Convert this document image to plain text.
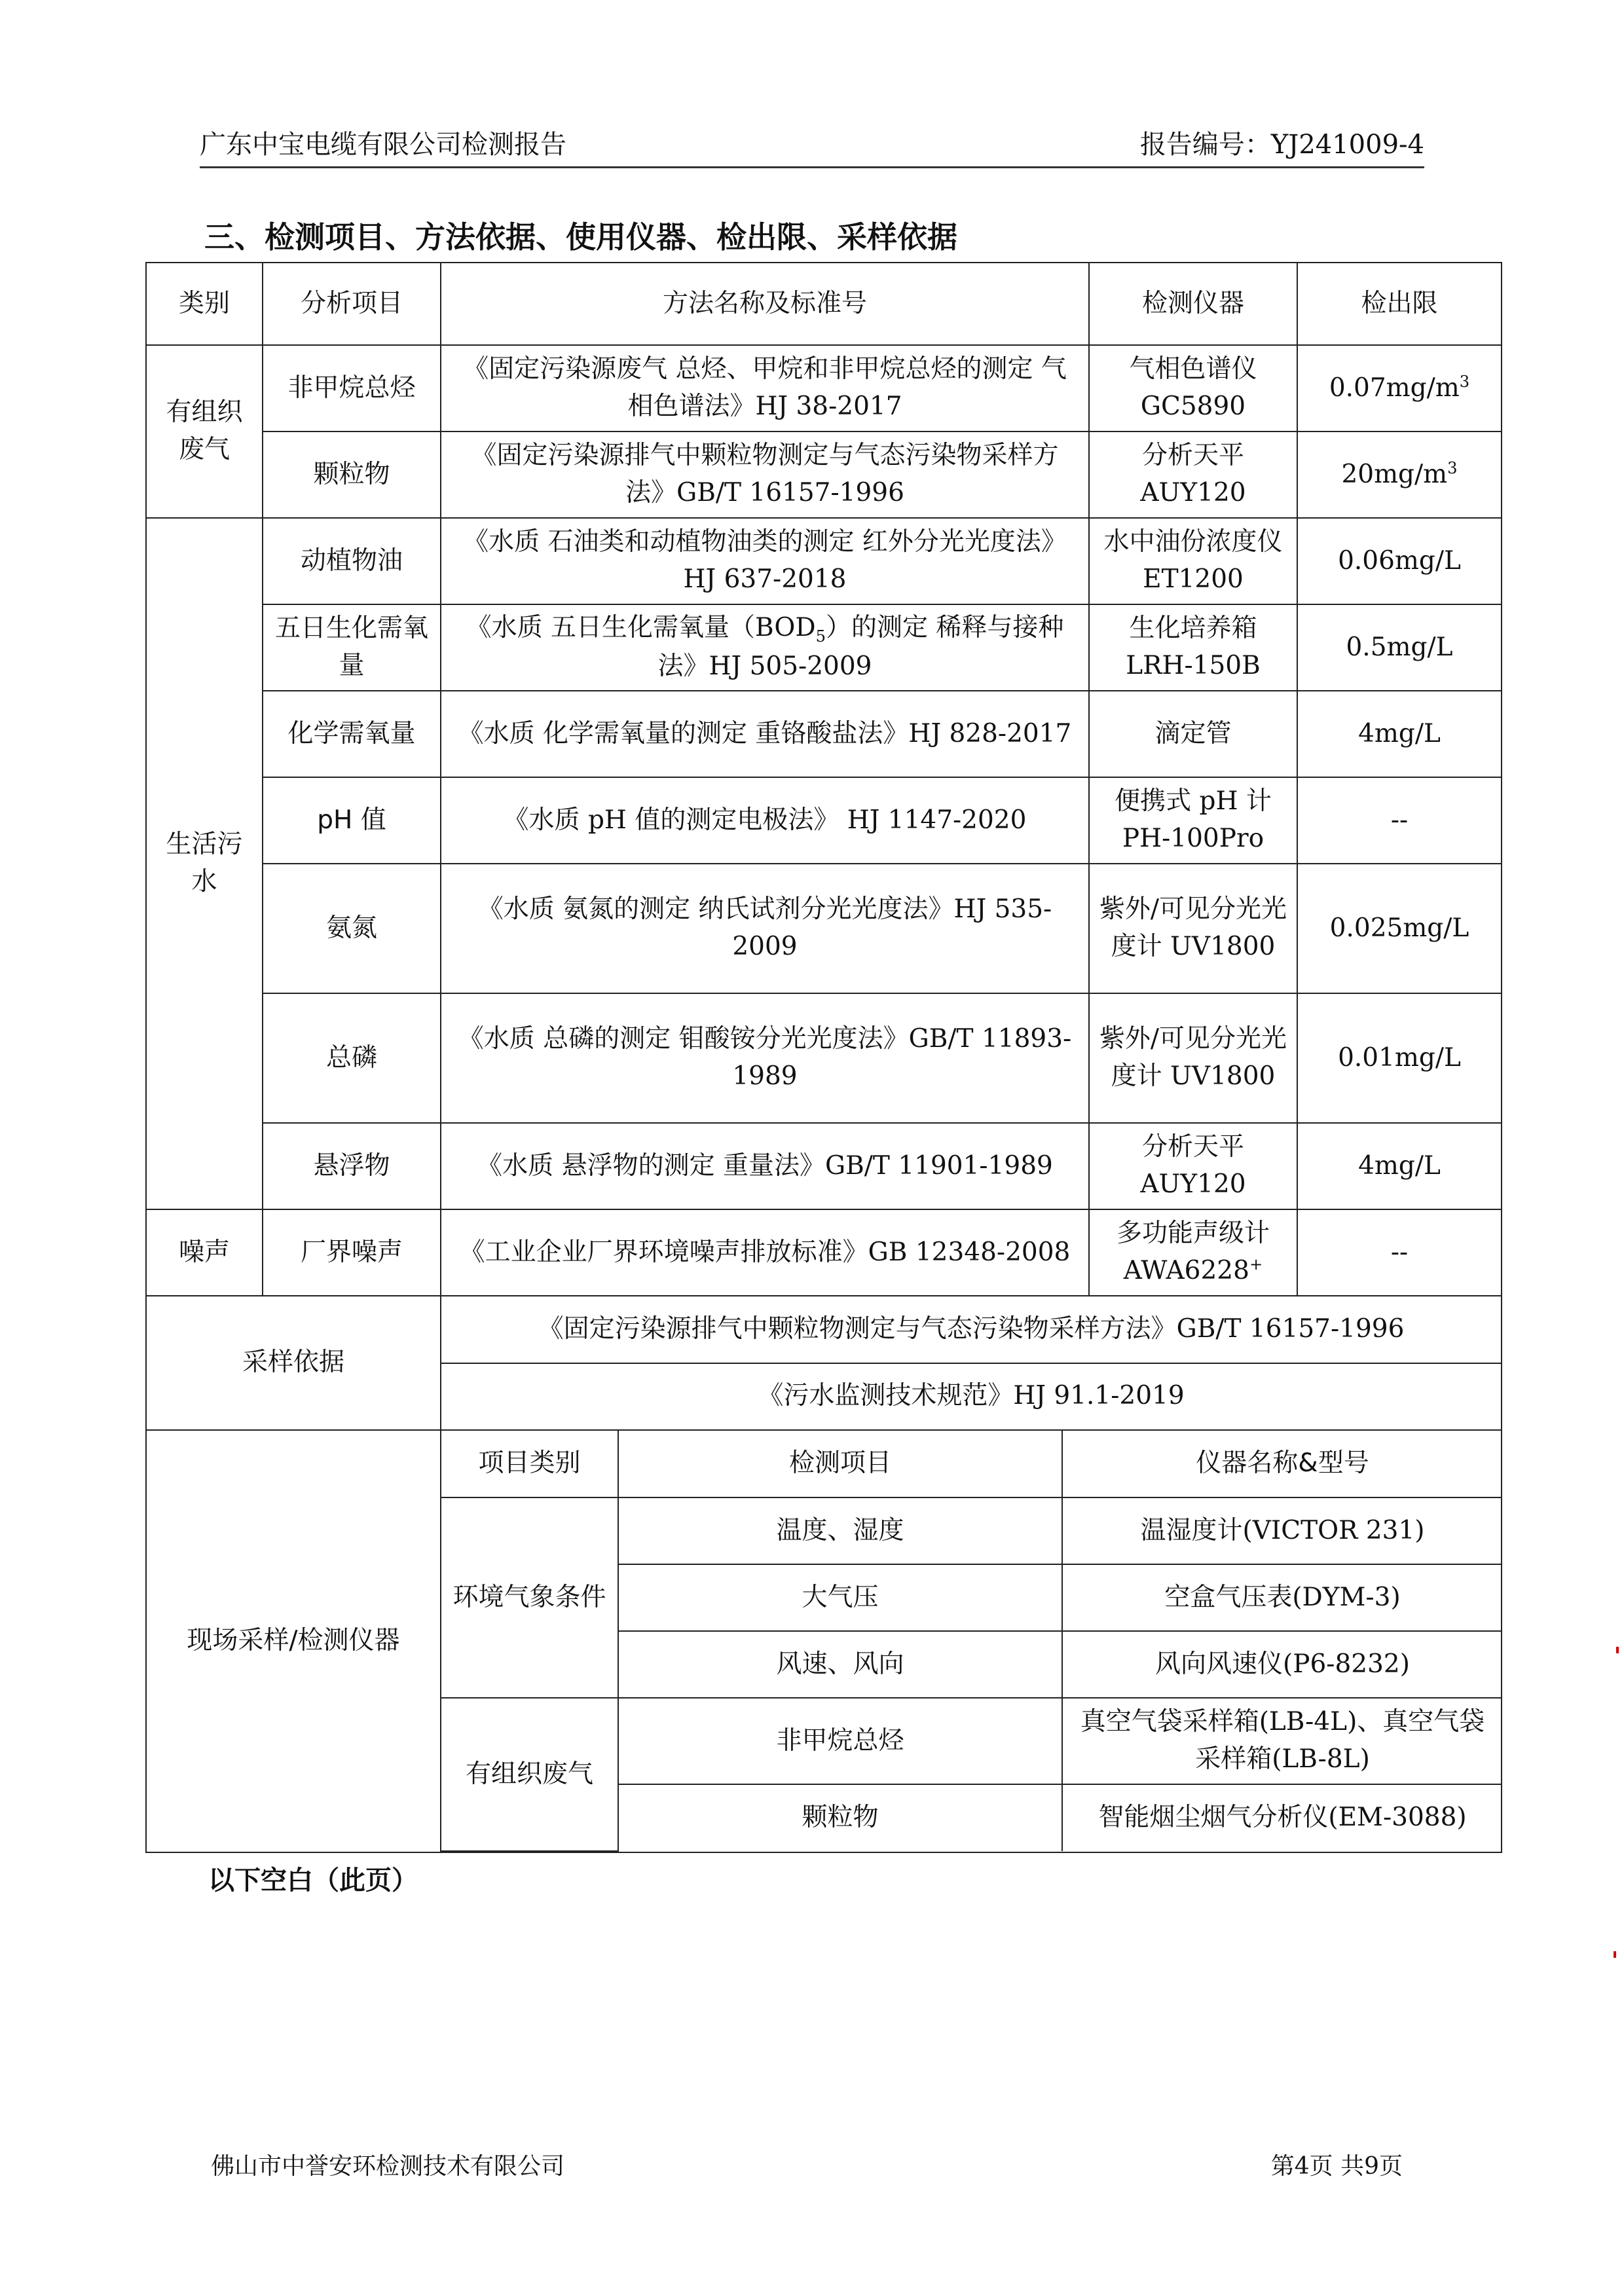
广东中宝电缆有限公司检测报告	报告编号：YJ241009-4
三、检测项目、方法依据、使用仪器、检出限、采样依据
类别	分析项目	方法名称及标准号	检测仪器	检出限
有组织废气	非甲烷总烃	《固定污染源废气 总烃、甲烷和非甲烷总烃的测定 气相色谱法》HJ 38-2017	气相色谱仪 GC5890	$0.07mg/m^3$
颗粒物	《固定污染源排气中颗粒物测定与气态污染物采样方法》GB/T 16157-1996	分析天平 AUY120	$20mg/m^3$
生活污水	动植物油	《水质 石油类和动植物油类的测定 红外分光光度法》HJ 637-2018	水中油份浓度仪 ET1200	0.06mg/L
五日生化需氧量	《水质 五日生化需氧量$(BOD_5)$的测定 稀释与接种法》HJ 505-2009	生化培养箱 LRH-150B	0.5mg/L
化学需氧量	《水质 化学需氧量的测定 重铬酸盐法》HJ 828-2017	滴定管	4mg/L
pH 值	《水质 pH 值的测定电极法》 HJ 1147-2020	便携式 pH 计 PH-100Pro	--
氨氮	《水质 氨氮的测定 纳氏试剂分光光度法》HJ 535-2009	紫外/可见分光光度计 UV1800	0.025mg/L
总磷	《水质 总磷的测定 钼酸铵分光光度法》GB/T 11893-1989	紫外/可见分光光度计 UV1800	0.01mg/L
悬浮物	《水质 悬浮物的测定 重量法》GB/T 11901-1989	分析天平 AUY120	4mg/L
噪声	厂界噪声	《工业企业厂界环境噪声排放标准》GB 12348-2008	多功能声级计 AWA6228+	--
采样依据	
《固定污染源排气中颗粒物测定与气态污染物采样方法》GB/T 16157-1996
《污水监测技术规范》HJ 91.1-2019

现场采样/检测仪器	
项目类别	检测项目	仪器名称&型号
环境气象条件	温度、湿度	温湿度计(VICTOR 231)
大气压	空盒气压表(DYM-3)
风速、风向	风向风速仪(P6-8232)
有组织废气	非甲烷总烃	真空气袋采样箱(LB-4L)、真空气袋采样箱(LB-8L)
颗粒物	智能烟尘烟气分析仪(EM-3088)
以下空白（此页）
佛山市中誉安环检测技术有限公司	第4页 共9页
